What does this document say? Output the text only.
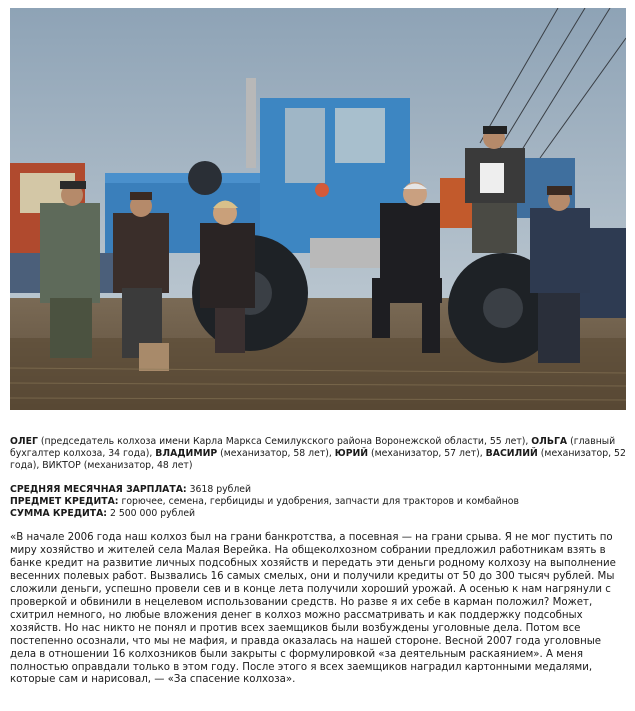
ОЛЕГ (председатель колхоза имени Карла Маркса Семилукского района Воронежской области, 55 лет), ОЛЬГА (главный бухгалтер колхоза, 34 года), ВЛАДИМИР (механизатор, 58 лет), ЮРИЙ (механизатор, 57 лет), ВАСИЛИЙ (механизатор, 52 года), ВИКТОР (механизатор, 48 лет)
СРЕДНЯЯ МЕСЯЧНАЯ ЗАРПЛАТА: 3618 рублей
ПРЕДМЕТ КРЕДИТА: горючее, семена, гербициды и удобрения, запчасти для тракторов и комбайнов
СУММА КРЕДИТА: 2 500 000 рублей
«В начале 2006 года наш колхоз был на грани банкротства, а посевная — на грани срыва. Я не мог пустить по миру хозяйство и жителей села Малая Верейка. На общеколхозном собрании предложил работникам взять в банке кредит на развитие личных подсобных хозяйств и передать эти деньги родному колхозу на выполнение весенних полевых работ. Вызвались 16 самых смелых, они и получили кредиты от 50 до 300 тысяч рублей. Мы сложили деньги, успешно провели сев и в конце лета получили хороший урожай. А осенью к нам нагрянули с проверкой и обвинили в нецелевом использовании средств. Но разве я их себе в карман положил? Может, схитрил немного, но любые вложения денег в колхоз можно рассматривать и как поддержку подсобных хозяйств. Но нас никто не понял и против всех заемщиков были возбуждены уголовные дела. Потом все постепенно осознали, что мы не мафия, и правда оказалась на нашей стороне. Весной 2007 года уголовные дела в отношении 16 колхозников были закрыты с формулировкой «за деятельным раскаянием». А меня полностью оправдали только в этом году. После этого я всех заемщиков наградил картонными медалями, которые сам и нарисовал, — «За спасение колхоза».
